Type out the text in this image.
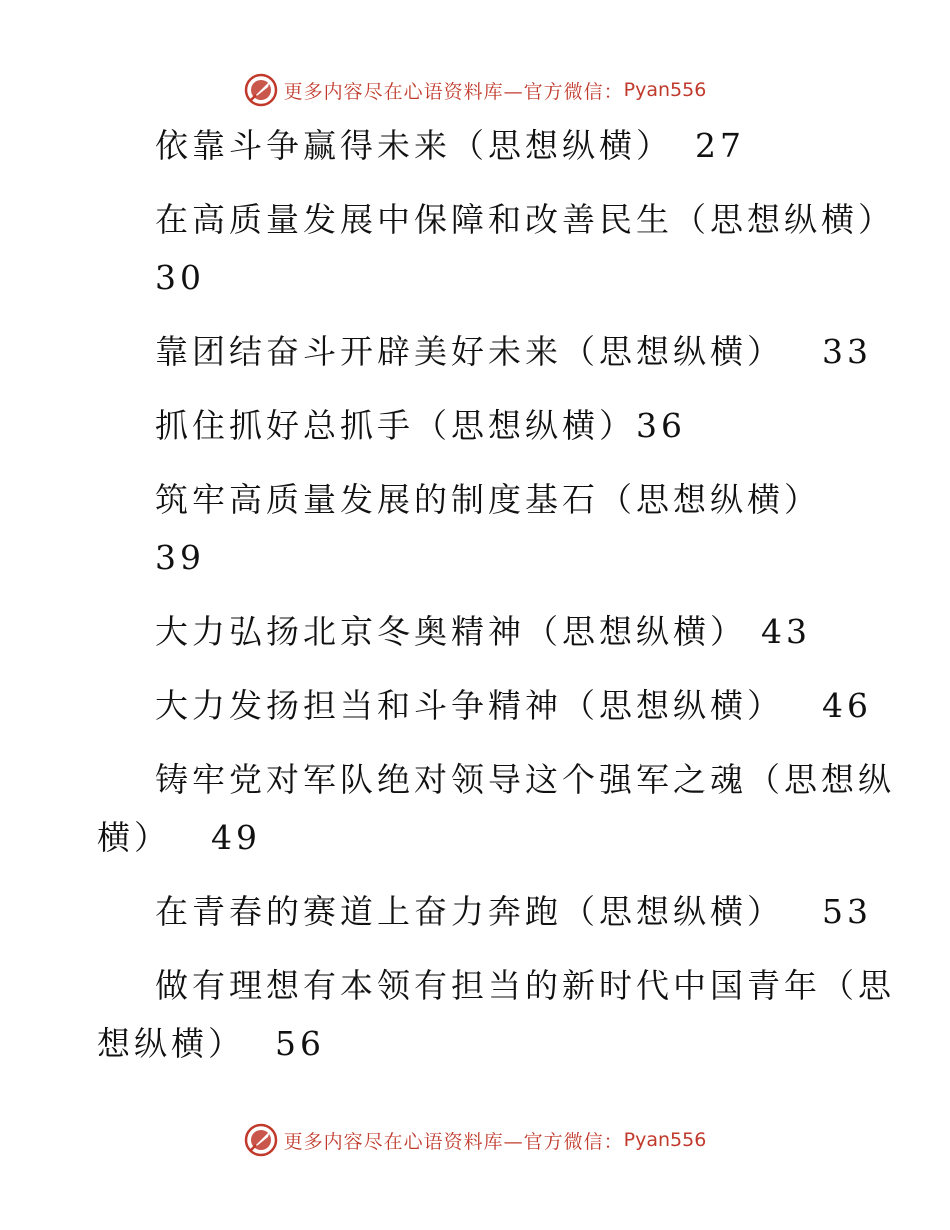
更多内容尽在心语资料库—官方微信： Pyan556
依靠斗争赢得未来（思想纵横） 27
在高质量发展中保障和改善民生（思想纵横）
30
靠团结奋斗开辟美好未来（思想纵横） 33
抓住抓好总抓手（思想纵横）36
筑牢高质量发展的制度基石（思想纵横）
39
大力弘扬北京冬奥精神（思想纵横） 43
大力发扬担当和斗争精神（思想纵横） 46
铸牢党对军队绝对领导这个强军之魂（思想纵
横） 49
在青春的赛道上奋力奔跑（思想纵横） 53
做有理想有本领有担当的新时代中国青年（思
想纵横） 56
更多内容尽在心语资料库—官方微信： Pyan556
